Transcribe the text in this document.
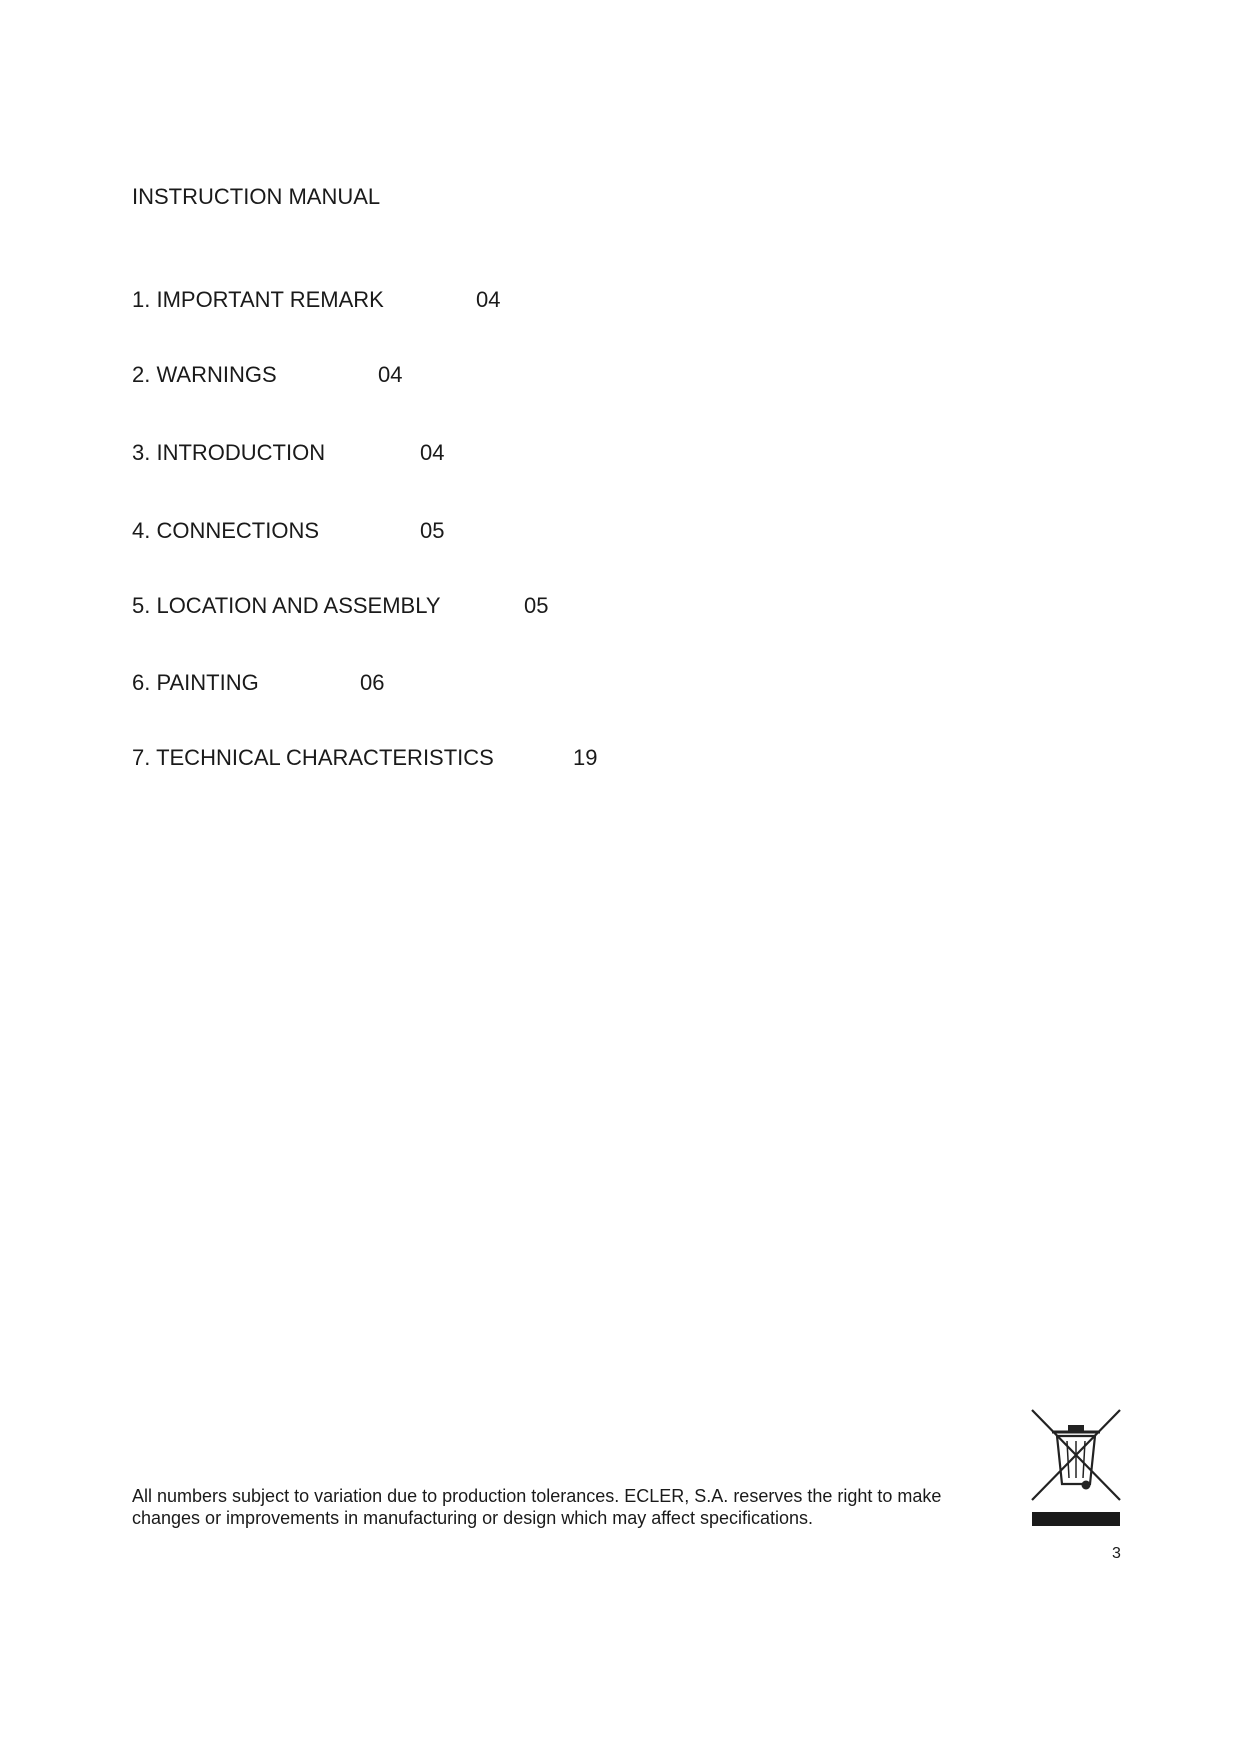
INSTRUCTION MANUAL
1. IMPORTANT REMARK	04
2. WARNINGS	04
3. INTRODUCTION	04
4. CONNECTIONS	05
5. LOCATION AND ASSEMBLY	05
6. PAINTING	06
7. TECHNICAL CHARACTERISTICS	19
All numbers subject to variation due to production tolerances. ECLER, S.A. reserves the right to make
changes or improvements in manufacturing or design which may affect specifications.
3
